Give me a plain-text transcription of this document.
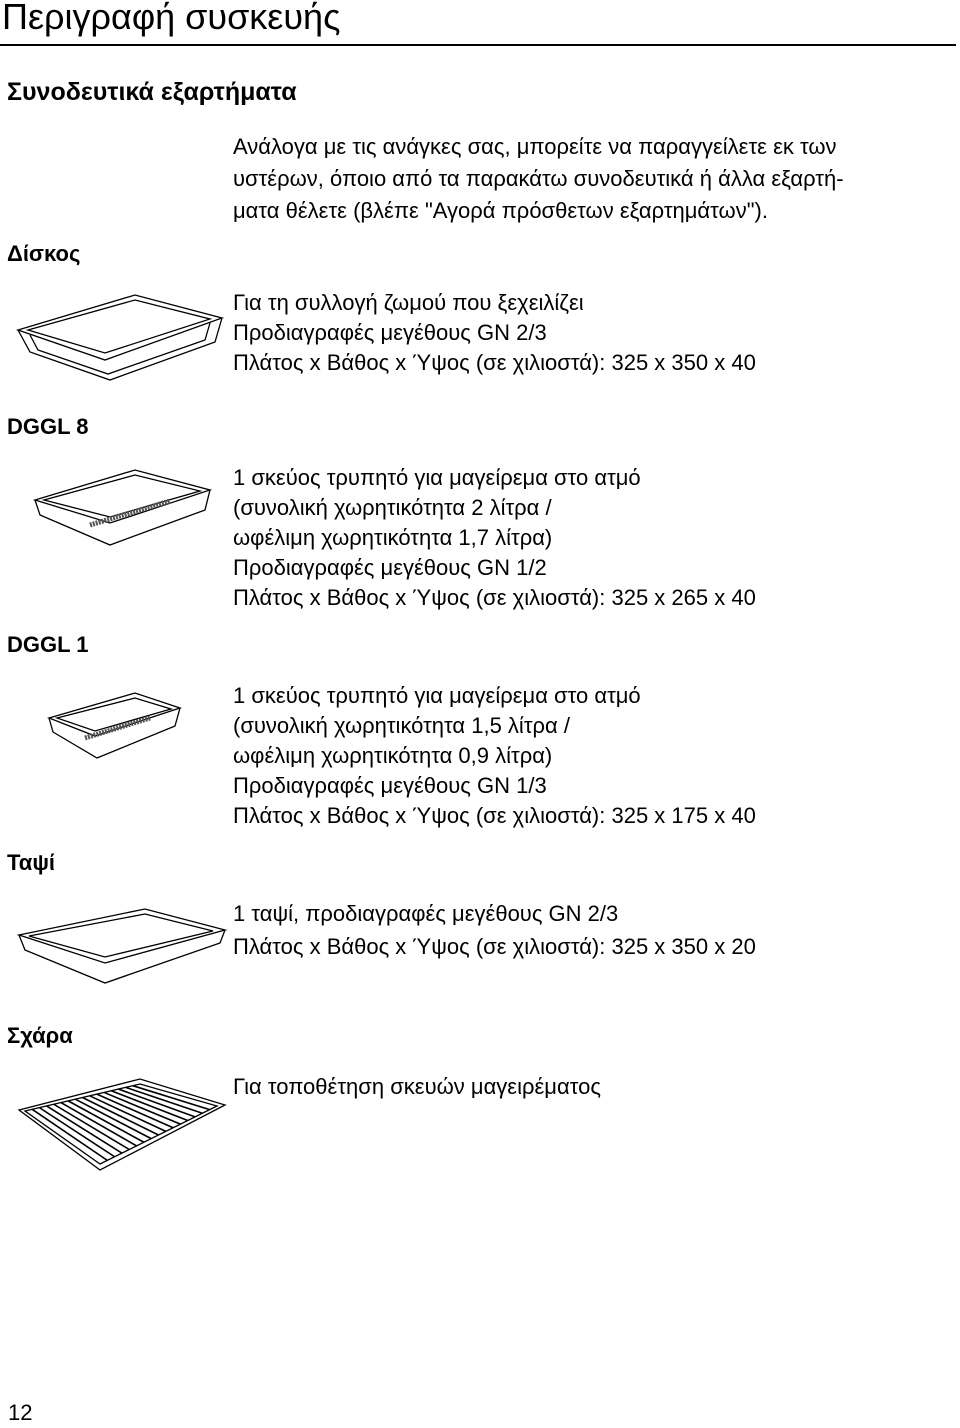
Περιγραφή συσκευής
Συνοδευτικά εξαρτήματα
Ανάλογα με τις ανάγκες σας, μπορείτε να παραγγείλετε εκ των
υστέρων, όποιο από τα παρακάτω συνοδευτικά ή άλλα εξαρτή-
ματα θέλετε (βλέπε "Αγορά πρόσθετων εξαρτημάτων").
Δίσκος
Για τη συλλογή ζωμού που ξεχειλίζει
Προδιαγραφές μεγέθους GN 2/3
Πλάτος x Βάθος x Ύψος (σε χιλιοστά): 325 x 350 x 40
DGGL 8
1 σκεύος τρυπητό για μαγείρεμα στο ατμό
(συνολική χωρητικότητα 2 λίτρα /
ωφέλιμη χωρητικότητα 1,7 λίτρα)
Προδιαγραφές μεγέθους GN 1/2
Πλάτος x Βάθος x Ύψος (σε χιλιοστά): 325 x 265 x 40
DGGL 1
1 σκεύος τρυπητό για μαγείρεμα στο ατμό
(συνολική χωρητικότητα 1,5 λίτρα /
ωφέλιμη χωρητικότητα 0,9 λίτρα)
Προδιαγραφές μεγέθους GN 1/3
Πλάτος x Βάθος x Ύψος (σε χιλιοστά): 325 x 175 x 40
Ταψί
1 ταψί, προδιαγραφές μεγέθους GN 2/3
Πλάτος x Βάθος x Ύψος (σε χιλιοστά): 325 x 350 x 20
Σχάρα
Για τοποθέτηση σκευών μαγειρέματος
12
